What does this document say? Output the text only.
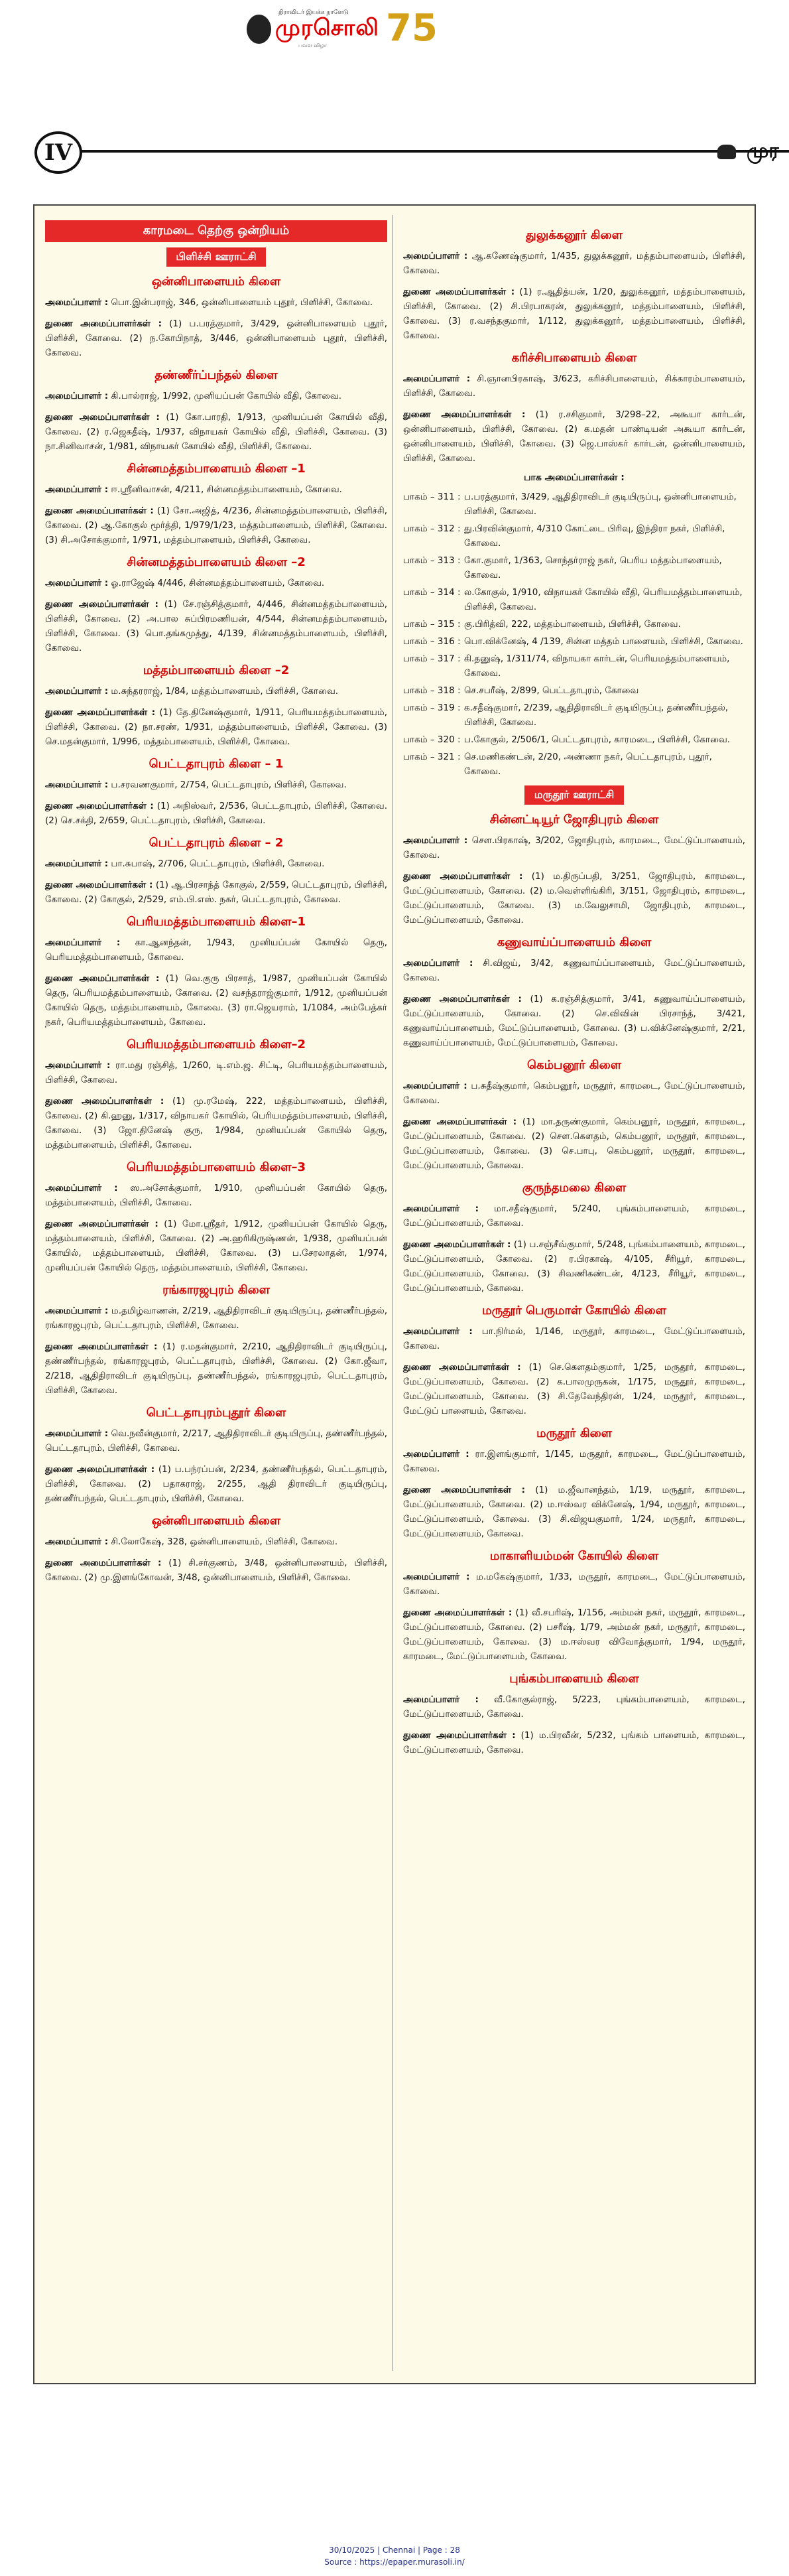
திராவிடர் இயக்க நாளேடு
முரசொலி 75
பவள விழா
IV	முர
காரமடை தெற்கு ஒன்றியம்
பிளிச்சி ஊராட்சி
ஒன்னிபாளையம் கிளை
அமைப்பாளர் : பொ.இன்பராஜ், 346, ஒன்னிபாளையம் புதூர், பிளிச்சி, கோவை.
துணை அமைப்பாளர்கள் : (1) ப.பரத்குமார், 3/429, ஒன்னிபாளையம் புதூர், பிளிச்சி, கோவை. (2) ந.கோபிநாத், 3/446, ஒன்னிபாளையம் புதூர், பிளிச்சி, கோவை.
தண்ணீர்ப்பந்தல் கிளை
அமைப்பாளர் : கி.பால்ராஜ், 1/992, முனியப்பன் கோயில் வீதி, கோவை.
துணை அமைப்பாளர்கள் : (1) கோ.பாரதி, 1/913, முனியப்பன் கோயில் வீதி, கோவை. (2) ர.ஜெகதீஷ், 1/937, விநாயகர் கோயில் வீதி, பிளிச்சி, கோவை. (3) நா.சினிவாசன், 1/981, விநாயகர் கோயில் வீதி, பிளிச்சி, கோவை.
சின்னமத்தம்பாளையம் கிளை –1
அமைப்பாளர் : ஈ.ஸ்ரீனிவாசன், 4/211, சின்னமத்தம்பாளையம், கோவை.
துணை அமைப்பாளர்கள் : (1) சோ.அஜித், 4/236, சின்னமத்தம்பாளையம், பிளிச்சி, கோவை. (2) ஆ.கோகுல் மூர்த்தி, 1/979/1/23, மத்தம்பாளையம், பிளிச்சி, கோவை. (3) சி.அசோக்குமார், 1/971, மத்தம்பாளையம், பிளிச்சி, கோவை.
சின்னமத்தம்பாளையம் கிளை –2
அமைப்பாளர் : ஓ.ராஜேஷ் 4/446, சின்னமத்தம்பாளையம், கோவை.
துணை அமைப்பாளர்கள் : (1) சே.ரஞ்சித்குமார், 4/446, சின்னமத்தம்பாளையம், பிளிச்சி, கோவை. (2) அ.பால சுப்பிரமணியன், 4/544, சின்னமத்தம்பாளையம், பிளிச்சி, கோவை. (3) பொ.தங்கமுத்து, 4/139, சின்னமத்தம்பாளையம், பிளிச்சி, கோவை.
மத்தம்பாளையம் கிளை –2
அமைப்பாளர் : ம.சுந்தரராஜ், 1/84, மத்தம்பாளையம், பிளிச்சி, கோவை.
துணை அமைப்பாளர்கள் : (1) தே.தினேஷ்குமார், 1/911, பெரியமத்தம்பாளையம், பிளிச்சி, கோவை. (2) நா.சரண், 1/931, மத்தம்பாளையம், பிளிச்சி, கோவை. (3) செ.மதன்குமார், 1/996, மத்தம்பாளையம், பிளிச்சி, கோவை.
பெட்டதாபுரம் கிளை – 1
அமைப்பாளர் : ப.சரவணகுமார், 2/754, பெட்டதாபுரம், பிளிச்சி, கோவை.
துணை அமைப்பாளர்கள் : (1) அநிஸ்வர், 2/536, பெட்டதாபுரம், பிளிச்சி, கோவை. (2) செ.சக்தி, 2/659, பெட்டதாபுரம், பிளிச்சி, கோவை.
பெட்டதாபுரம் கிளை – 2
அமைப்பாளர் : பா.சுபாஷ், 2/706, பெட்டதாபுரம், பிளிச்சி, கோவை.
துணை அமைப்பாளர்கள் : (1) ஆ.பிரசாந்த் கோகுல், 2/559, பெட்டதாபுரம், பிளிச்சி, கோவை. (2) கோகுல், 2/529, எம்.பி.எஸ். நகர், பெட்டதாபுரம், கோவை.
பெரியமத்தம்பாளையம் கிளை–1
அமைப்பாளர் : கா.ஆனந்தன், 1/943, முனியப்பன் கோயில் தெரு, பெரியமத்தம்பாளையம், கோவை.
துணை அமைப்பாளர்கள் : (1) வெ.குரு பிரசாத், 1/987, முனியப்பன் கோயில் தெரு, பெரியமத்தம்பாளையம், கோவை. (2) வசந்தராஜ்குமார், 1/912, முனியப்பன் கோயில் தெரு, மத்தம்பாளையம், கோவை. (3) ரா.ஜெயராம், 1/1084, அம்பேத்கர் நகர், பெரியமத்தம்பாளையம், கோவை.
பெரியமத்தம்பாளையம் கிளை–2
அமைப்பாளர் : ரா.மது ரஞ்சித், 1/260, டி.எம்.ஜ. சிட்டி, பெரியமத்தம்பாளையம், பிளிச்சி, கோவை.
துணை அமைப்பாளர்கள் : (1) மு.ரமேஷ், 222, மத்தம்பாளையம், பிளிச்சி, கோவை. (2) கி.ஹனு, 1/317, விநாயகர் கோயில், பெரியமத்தம்பாளையம், பிளிச்சி, கோவை. (3) ஜோ.தினேஷ் குரு, 1/984, முனியப்பன் கோயில் தெரு, மத்தம்பாளையம், பிளிச்சி, கோவை.
பெரியமத்தம்பாளையம் கிளை–3
அமைப்பாளர் : ஸ.அசோக்குமார், 1/910, முனியப்பன் கோயில் தெரு, மத்தம்பாளையம், பிளிச்சி, கோவை.
துணை அமைப்பாளர்கள் : (1) மோ.ஸ்ரீதர், 1/912, முனியப்பன் கோயில் தெரு, மத்தம்பாளையம், பிளிச்சி, கோவை. (2) அ.ஹரிகிருஷ்ணன், 1/938, முனியப்பன் கோயில், மத்தம்பாளையம், பிளிச்சி, கோவை. (3) ப.சேரலாதன், 1/974, முனியப்பன் கோயில் தெரு, மத்தம்பாளையம், பிளிச்சி, கோவை.
ரங்காரஜபுரம் கிளை
அமைப்பாளர் : ம.தமிழ்வாணன், 2/219, ஆதிதிராவிடர் குடியிருப்பு, தண்ணீர்பந்தல், ரங்காரஜபுரம், பெட்டதாபுரம், பிளிச்சி, கோவை.
துணை அமைப்பாளர்கள் : (1) ர.மதன்குமார், 2/210, ஆதிதிராவிடர் குடியிருப்பு, தண்ணீர்பந்தல், ரங்காரஜபுரம், பெட்டதாபுரம், பிளிச்சி, கோவை. (2) கோ.ஜீவா, 2/218, ஆதிதிராவிடர் குடியிருப்பு, தண்ணீர்பந்தல், ரங்காரஜபுரம், பெட்டதாபுரம், பிளிச்சி, கோவை.
பெட்டதாபுரம்புதூர் கிளை
அமைப்பாளர் : வெ.நவீன்குமார், 2/217, ஆதிதிராவிடர் குடியிருப்பு, தண்ணீர்பந்தல், பெட்டதாபுரம், பிளிச்சி, கோவை.
துணை அமைப்பாளர்கள் : (1) ப.பந்ரப்பன், 2/234, தண்ணீர்பந்தல், பெட்டதாபுரம், பிளிச்சி, கோவை. (2) பதாகராஜ், 2/255, ஆதி திராவிடர் குடியிருப்பு, தண்ணீர்பந்தல், பெட்டதாபுரம், பிளிச்சி, கோவை.
ஒன்னிபாளையம் கிளை
அமைப்பாளர் : சி.லோகேஷ், 328, ஒன்னிபாளையம், பிளிச்சி, கோவை.
துணை அமைப்பாளர்கள் : (1) சி.சர்குணம், 3/48, ஒன்னிபாளையம், பிளிச்சி, கோவை. (2) மு.இளங்கோவன், 3/48, ஒன்னிபாளையம், பிளிச்சி, கோவை.
துலுக்கனூர் கிளை
அமைப்பாளர் : ஆ.கணேஷ்குமார், 1/435, துலுக்கனூர், மத்தம்பாளையம், பிளிச்சி, கோவை.
துணை அமைப்பாளர்கள் : (1) ர.ஆதித்யன், 1/20, துலுக்கனூர், மத்தம்பாளையம், பிளிச்சி, கோவை. (2) சி.பிரபாகரன், துலுக்கனூர், மத்தம்பாளையம், பிளிச்சி, கோவை. (3) ர.வசந்தகுமார், 1/112, துலுக்கனூர், மத்தம்பாளையம், பிளிச்சி, கோவை.
கரிச்சிபாளையம் கிளை
அமைப்பாளர் : சி.ஞானபிரகாஷ், 3/623, கரிச்சிபாளையம், சிக்காரம்பாளையம், பிளிச்சி, கோவை.
துணை அமைப்பாளர்கள் : (1) ர.சசிகுமார், 3/298–22, அகூயா கார்டன், ஒன்னிபாளையம், பிளிச்சி, கோவை. (2) க.மதன் பாண்டியன் அகூயா கார்டன், ஒன்னிபாளையம், பிளிச்சி, கோவை. (3) ஜெ.பாஸ்கர் கார்டன், ஒன்னிபாளையம், பிளிச்சி, கோவை.
பாக அமைப்பாளர்கள் :
பாகம் – 311 : ப.பரத்குமார், 3/429, ஆதிதிராவிடர் குடியிருப்பு, ஒன்னிபாளையம், பிளிச்சி, கோவை.
பாகம் – 312 : து.பிரவின்குமார், 4/310 கோட்டை பிரிவு, இந்திரா நகர், பிளிச்சி, கோவை.
பாகம் – 313 : கோ.குமார், 1/363, சொந்தர்ராஜ் நகர், பெரிய மத்தம்பாளையம், கோவை.
பாகம் – 314 : ல.கோகுல், 1/910, விநாயகர் கோயில் வீதி, பெரியமத்தம்பாளையம், பிளிச்சி, கோவை.
பாகம் – 315 : கு.பிரித்வி, 222, மத்தம்பாளையம், பிளிச்சி, கோவை.
பாகம் – 316 : பொ.விக்னேஷ், 4 /139, சின்ன மத்தம் பாளையம், பிளிச்சி, கோவை.
பாகம் – 317 : கி.தனுஷ், 1/311/74, விநாயகா கார்டன், பெரியமத்தம்பாளையம், கோவை.
பாகம் – 318 : செ.சபரீஷ், 2/899, பெட்டதாபுரம், கோவை
பாகம் – 319 : க.சதீஷ்குமார், 2/239, ஆதிதிராவிடர் குடியிருப்பு, தண்ணீர்பந்தல், பிளிச்சி, கோவை.
பாகம் – 320 : ப.கோகுல், 2/506/1, பெட்டதாபுரம், காரமடை, பிளிச்சி, கோவை.
பாகம் – 321 : செ.மணிகண்டன், 2/20, அண்ணா நகர், பெட்டதாபுரம், புதூர், கோவை.
மருதூர் ஊராட்சி
சின்னட்டியூர் ஜோதிபுரம் கிளை
அமைப்பாளர் : சௌ.பிரகாஷ், 3/202, ஜோதிபுரம், காரமடை, மேட்டுப்பாளையம், கோவை.
துணை அமைப்பாளர்கள் : (1) ம.திருப்பதி, 3/251, ஜோதிபுரம், காரமடை, மேட்டுப்பாளையம், கோவை. (2) ம.வெள்ளிங்கிரி, 3/151, ஜோதிபுரம், காரமடை, மேட்டுப்பாளையம், கோவை. (3) ம.வேலுசாமி, ஜோதிபுரம், காரமடை, மேட்டுப்பாளையம், கோவை.
கணுவாய்ப்பாளையம் கிளை
அமைப்பாளர் : சி.விஜய், 3/42, கணுவாய்ப்பாளையம், மேட்டுப்பாளையம், கோவை.
துணை அமைப்பாளர்கள் : (1) க.ரஞ்சித்குமார், 3/41, கணுவாய்ப்பாளையம், மேட்டுப்பாளையம், கோவை. (2) செ.விவின் பிரசாந்த், 3/421, கணுவாய்ப்பாளையம், மேட்டுப்பாளையம், கோவை. (3) ப.விக்னேஷ்குமார், 2/21, கணுவாய்ப்பாளையம், மேட்டுப்பாளையம், கோவை.
கெம்பனூர் கிளை
அமைப்பாளர் : ப.சுதீஷ்குமார், கெம்பனூர், மருதூர், காரமடை, மேட்டுப்பாளையம், கோவை.
துணை அமைப்பாளர்கள் : (1) மா.தருண்குமார், கெம்பனூர், மருதூர், காரமடை, மேட்டுப்பாளையம், கோவை. (2) சௌ.கௌதம், கெம்பனூர், மருதூர், காரமடை, மேட்டுப்பாளையம், கோவை. (3) செ.பாபு, கெம்பனூர், மருதூர், காரமடை, மேட்டுப்பாளையம், கோவை.
குருந்தமலை கிளை
அமைப்பாளர் : மா.சதீஷ்குமார், 5/240, புங்கம்பாளையம், காரமடை, மேட்டுப்பாளையம், கோவை.
துணை அமைப்பாளர்கள் : (1) ப.சஞ்சீவ்குமார், 5/248, புங்கம்பாளையம், காரமடை, மேட்டுப்பாளையம், கோவை. (2) ர.பிரகாஷ், 4/105, சீரியூர், காரமடை, மேட்டுப்பாளையம், கோவை. (3) சிவணிகண்டன், 4/123, சீரியூர், காரமடை, மேட்டுப்பாளையம், கோவை.
மருதூர் பெருமாள் கோயில் கிளை
அமைப்பாளர் : பா.நிர்மல், 1/146, மருதூர், காரமடை, மேட்டுப்பாளையம், கோவை.
துணை அமைப்பாளர்கள் : (1) செ.கௌதம்குமார், 1/25, மருதூர், காரமடை, மேட்டுப்பாளையம், கோவை. (2) க.பாலமுருகன், 1/175, மருதூர், காரமடை, மேட்டுப்பாளையம், கோவை. (3) சி.தேவேந்திரன், 1/24, மருதூர், காரமடை, மேட்டுப் பாளையம், கோவை.
மருதூர் கிளை
அமைப்பாளர் : ரா.இளங்குமார், 1/145, மருதூர், காரமடை, மேட்டுப்பாளையம், கோவை.
துணை அமைப்பாளர்கள் : (1) ம.ஜீவானந்தம், 1/19, மருதூர், காரமடை, மேட்டுப்பாளையம், கோவை. (2) ம.ஈஸ்வர விக்னேஷ், 1/94, மருதூர், காரமடை, மேட்டுப்பாளையம், கோவை. (3) சி.விஜயகுமார், 1/24, மருதூர், காரமடை, மேட்டுப்பாளையம், கோவை.
மாகாளியம்மன் கோயில் கிளை
அமைப்பாளர் : ம.மகேஷ்குமார், 1/33, மருதூர், காரமடை, மேட்டுப்பாளையம், கோவை.
துணை அமைப்பாளர்கள் : (1) வீ.சபரிஷ், 1/156, அம்மன் நகர், மருதூர், காரமடை, மேட்டுப்பாளையம், கோவை. (2) பசரீஷ், 1/79, அம்மன் நகர், மருதூர், காரமடை, மேட்டுப்பாளையம், கோவை. (3) ம.ஈஸ்வர விவோத்குமார், 1/94, மருதூர், காரமடை, மேட்டுப்பாளையம், கோவை.
புங்கம்பாளையம் கிளை
அமைப்பாளர் : வீ.கோகுல்ராஜ், 5/223, புங்கம்பாளையம், காரமடை, மேட்டுப்பாளையம், கோவை.
துணை அமைப்பாளர்கள் : (1) ம.பிரவீன், 5/232, புங்கம் பாளையம், காரமடை, மேட்டுப்பாளையம், கோவை.
30/10/2025 | Chennai | Page : 28
Source : https://epaper.murasoli.in/
